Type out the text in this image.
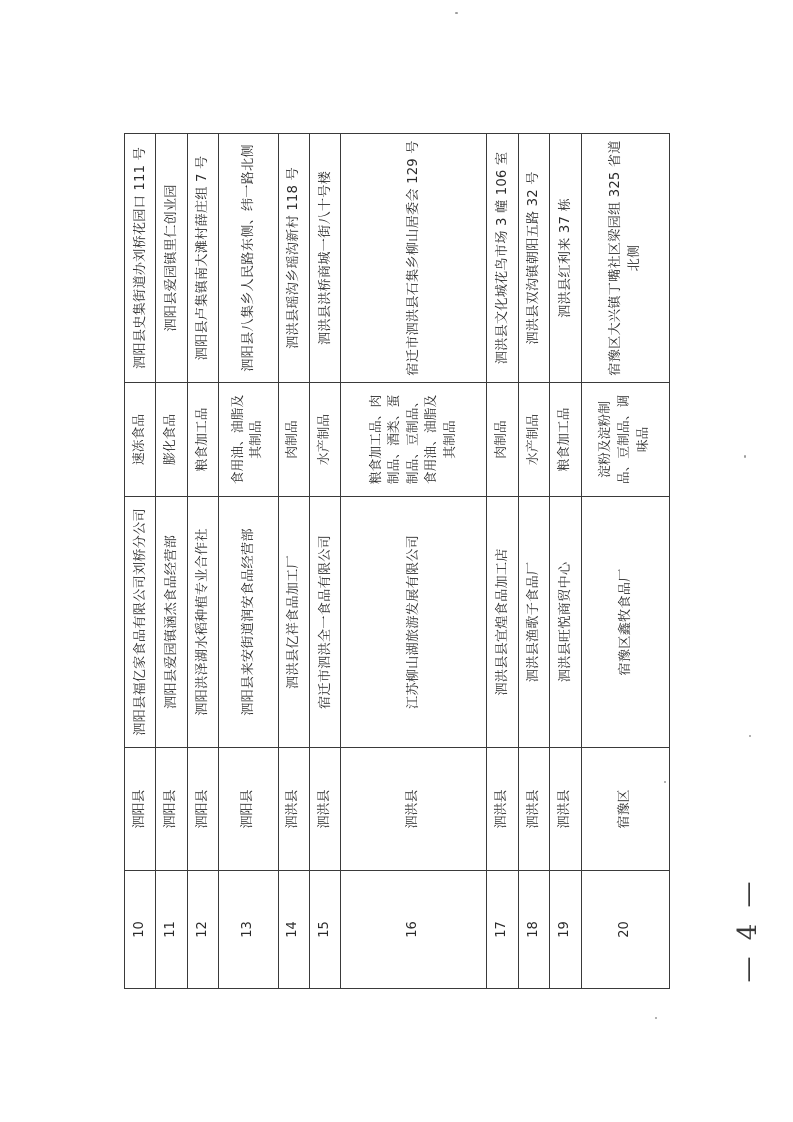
10	泗阳县	泗阳县福亿家食品有限公司刘桥分公司	速冻食品	泗阳县史集街道办刘桥花园口 111 号
11	泗阳县	泗阳县爱园镇涵杰食品经营部	膨化食品	泗阳县爱园镇里仁创业园
12	泗阳县	泗阳洪泽湖水稻种植专业合作社	粮食加工品	泗阳县卢集镇南大滩村薛庄组 7 号
13	泗阳县	泗阳县来安街道润安食品经营部	食用油、油脂及其制品	泗阳县八集乡人民路东侧、纬一路北侧
14	泗洪县	泗洪县亿祥食品加工厂	肉制品	泗洪县瑶沟乡瑶沟新村 118 号
15	泗洪县	宿迁市泗洪全一食品有限公司	水产制品	泗洪县洪桥商城一街八十号楼
16	泗洪县	江苏柳山湖旅游发展有限公司	粮食加工品、肉制品、酒类、蛋制品、豆制品、食用油、油脂及其制品	宿迁市泗洪县石集乡柳山居委会 129 号
17	泗洪县	泗洪县县宜煌食品加工店	肉制品	泗洪县文化城花鸟市场 3 幢 106 室
18	泗洪县	泗洪县渔歌子食品厂	水产制品	泗洪县双沟镇朝阳五路 32 号
19	泗洪县	泗洪县旺悦商贸中心	粮食加工品	泗洪县红利来 37 栋
20	宿豫区	宿豫区鑫牧食品厂	淀粉及淀粉制品、豆制品、调味品	宿豫区大兴镇丁嘴社区梁园组 325 省道北侧
— 4 —
